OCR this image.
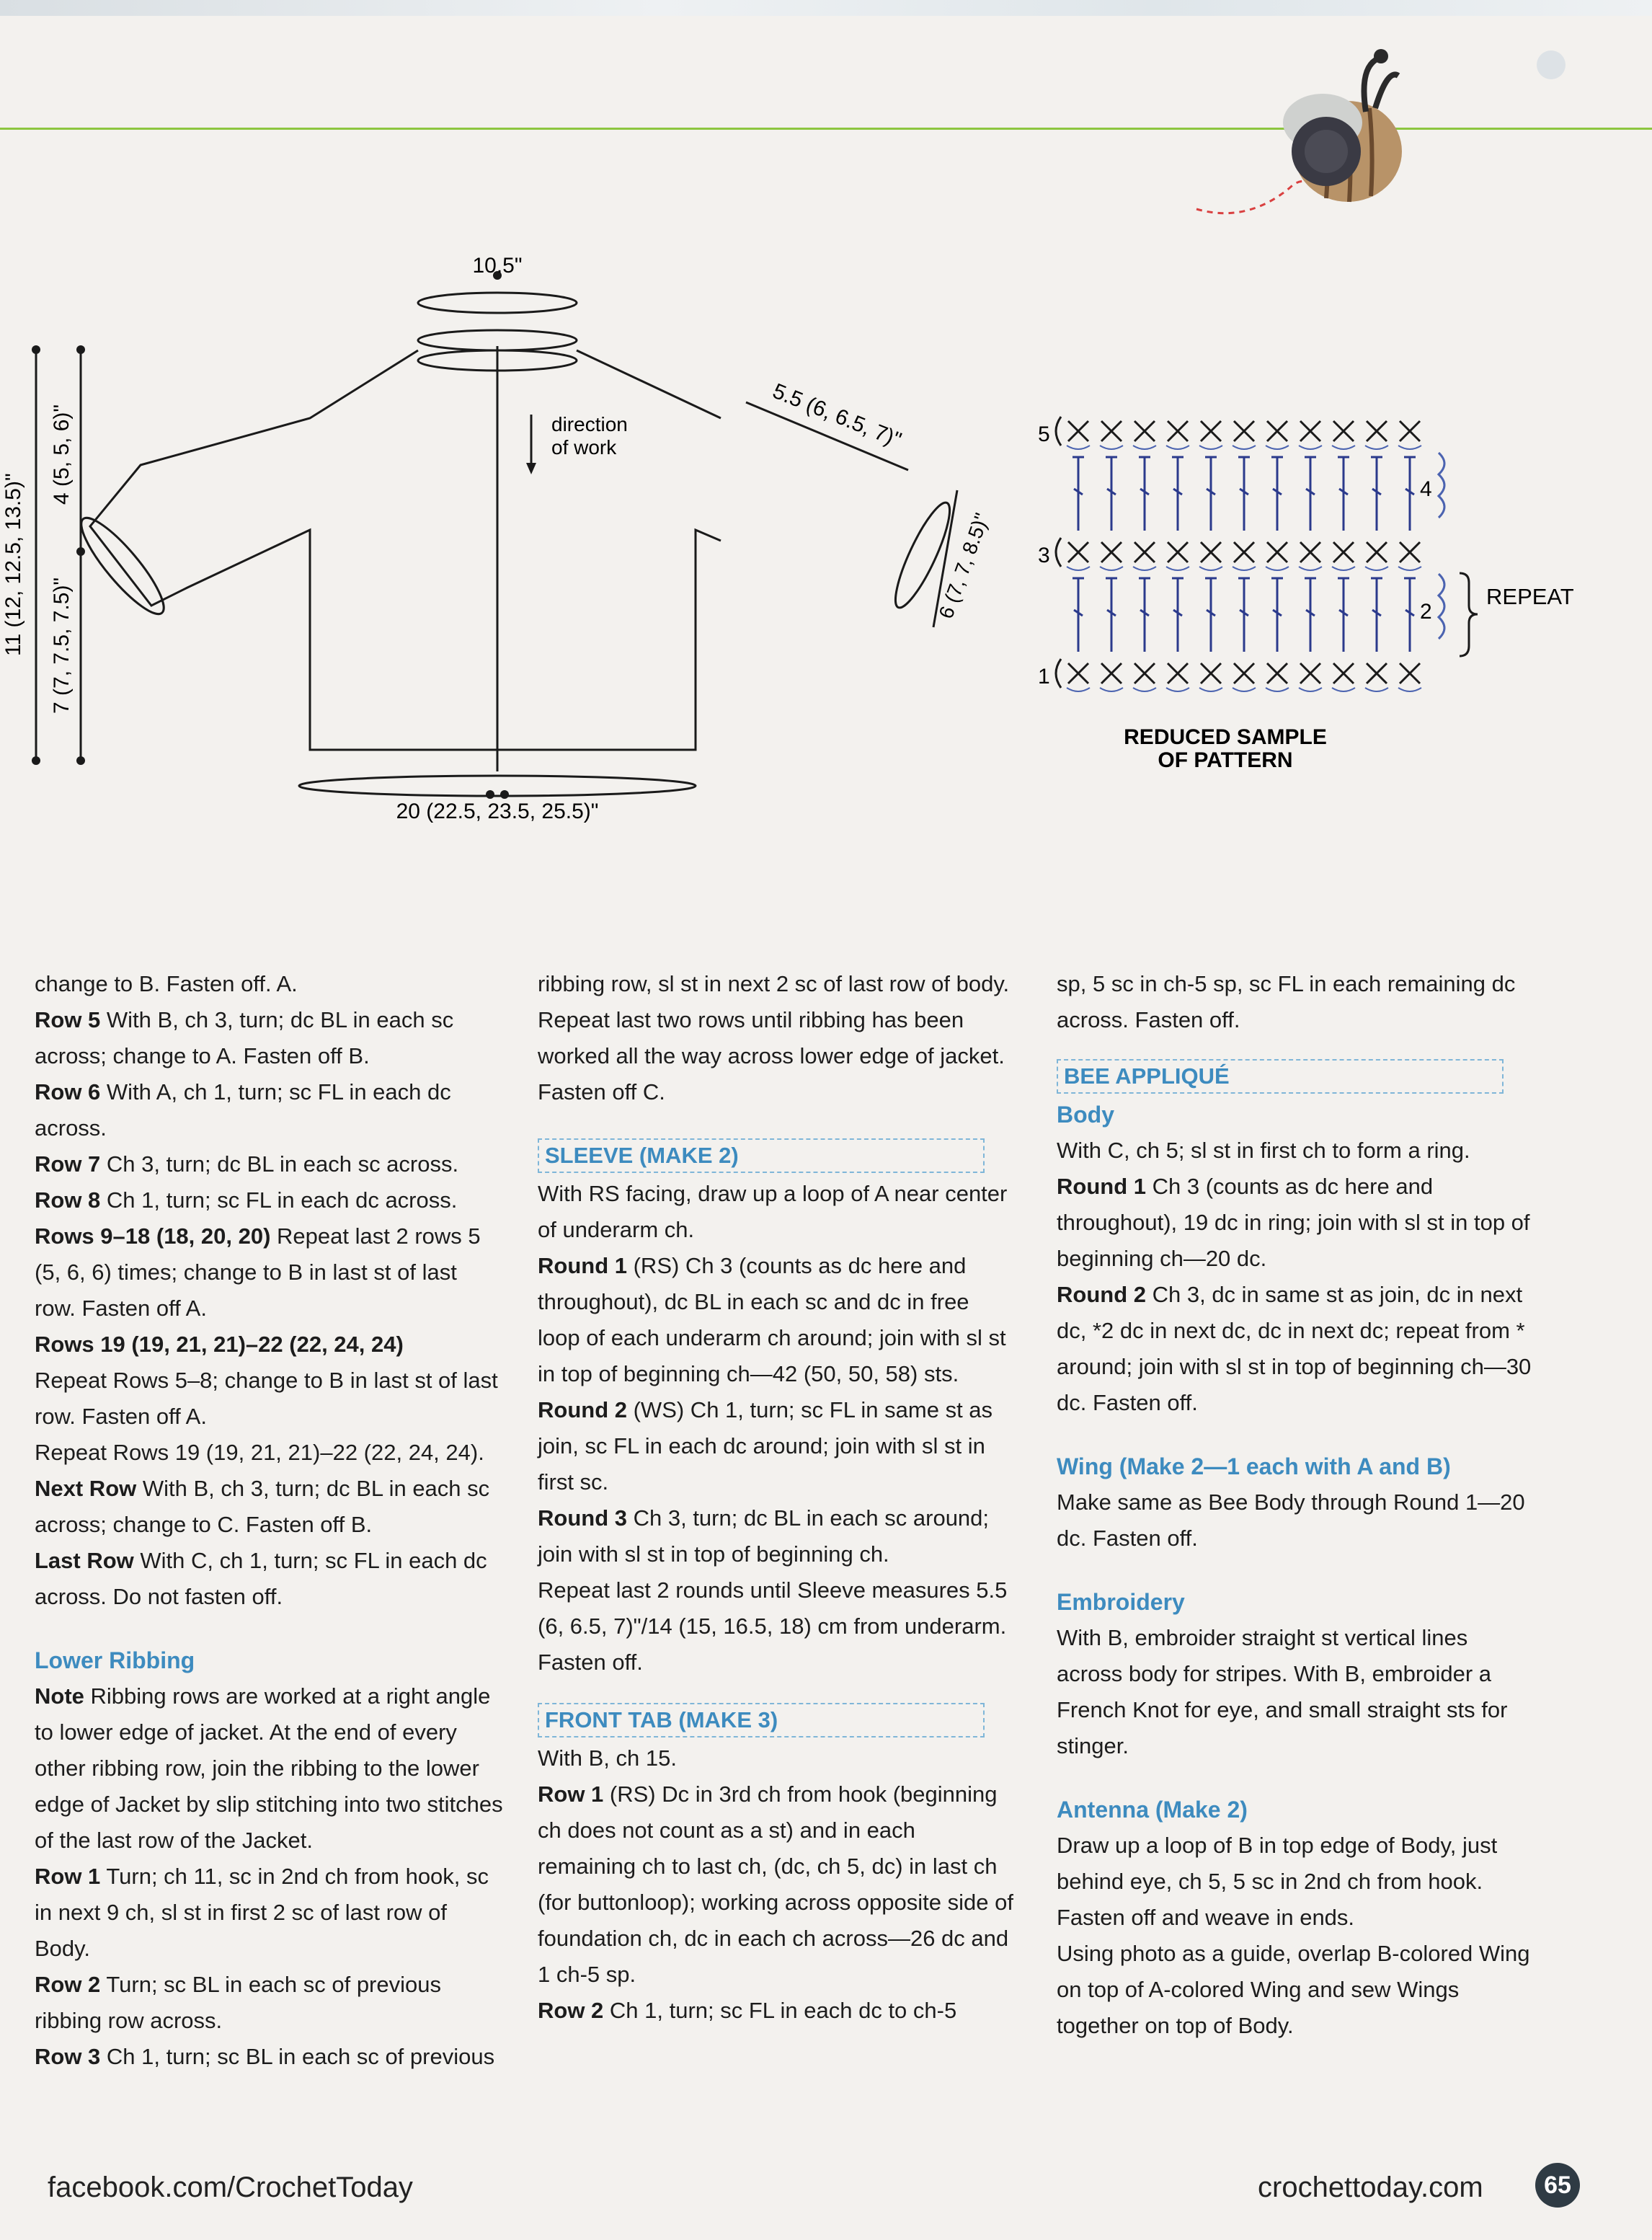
10.5"
direction
of work	5.5 (6, 6.5, 7)"
11 (12, 12.5, 13.5)"
4 (5, 5, 6)"
7 (7, 7.5, 7.5)"
20 (22.5, 23.5, 25.5)"
6 (7, 7, 8.5)"
5
4
3
2
1
REPEAT
REDUCED SAMPLE
OF PATTERN

change to B. Fasten off. A.

Row 5 With B, ch 3, turn; dc BL in each sc across; change to A. Fasten off B.

Row 6 With A, ch 1, turn; sc FL in each dc across.

Row 7 Ch 3, turn; dc BL in each sc across.

Row 8 Ch 1, turn; sc FL in each dc across.

Rows 9–18 (18, 20, 20) Repeat last 2 rows 5 (5, 6, 6) times; change to B in last st of last row. Fasten off A.

Rows 19 (19, 21, 21)–22 (22, 24, 24)

Repeat Rows 5–8; change to B in last st of last row. Fasten off A.

Repeat Rows 19 (19, 21, 21)–22 (22, 24, 24).

Next Row With B, ch 3, turn; dc BL in each sc across; change to C. Fasten off B.

Last Row With C, ch 1, turn; sc FL in each dc across. Do not fasten off.

Lower Ribbing

Note Ribbing rows are worked at a right angle to lower edge of jacket. At the end of every other ribbing row, join the ribbing to the lower edge of Jacket by slip stitching into two stitches of the last row of the Jacket.

Row 1 Turn; ch 11, sc in 2nd ch from hook, sc in next 9 ch, sl st in first 2 sc of last row of Body.

Row 2 Turn; sc BL in each sc of previous ribbing row across.

Row 3 Ch 1, turn; sc BL in each sc of previous

ribbing row, sl st in next 2 sc of last row of body.

Repeat last two rows until ribbing has been worked all the way across lower edge of jacket. Fasten off C.

SLEEVE (MAKE 2)

With RS facing, draw up a loop of A near center of underarm ch.

Round 1 (RS) Ch 3 (counts as dc here and throughout), dc BL in each sc and dc in free loop of each underarm ch around; join with sl st in top of beginning ch—42 (50, 50, 58) sts.

Round 2 (WS) Ch 1, turn; sc FL in same st as join, sc FL in each dc around; join with sl st in first sc.

Round 3 Ch 3, turn; dc BL in each sc around; join with sl st in top of beginning ch.

Repeat last 2 rounds until Sleeve measures 5.5 (6, 6.5, 7)"/14 (15, 16.5, 18) cm from underarm. Fasten off.

FRONT TAB (MAKE 3)

With B, ch 15.

Row 1 (RS) Dc in 3rd ch from hook (beginning ch does not count as a st) and in each remaining ch to last ch, (dc, ch 5, dc) in last ch (for buttonloop); working across opposite side of foundation ch, dc in each ch across—26 dc and 1 ch-5 sp.

Row 2 Ch 1, turn; sc FL in each dc to ch-5

sp, 5 sc in ch-5 sp, sc FL in each remaining dc across. Fasten off.

BEE APPLIQUÉ

Body

With C, ch 5; sl st in first ch to form a ring.

Round 1 Ch 3 (counts as dc here and throughout), 19 dc in ring; join with sl st in top of beginning ch—20 dc.

Round 2 Ch 3, dc in same st as join, dc in next dc, *2 dc in next dc, dc in next dc; repeat from * around; join with sl st in top of beginning ch—30 dc. Fasten off.

Wing (Make 2—1 each with A and B)

Make same as Bee Body through Round 1—20 dc. Fasten off.

Embroidery

With B, embroider straight st vertical lines across body for stripes. With B, embroider a French Knot for eye, and small straight sts for stinger.

Antenna (Make 2)

Draw up a loop of B in top edge of Body, just behind eye, ch 5, 5 sc in 2nd ch from hook. Fasten off and weave in ends.

Using photo as a guide, overlap B-colored Wing on top of A-colored Wing and sew Wings together on top of Body.

facebook.com/CrochetToday	crochettoday.com	65
